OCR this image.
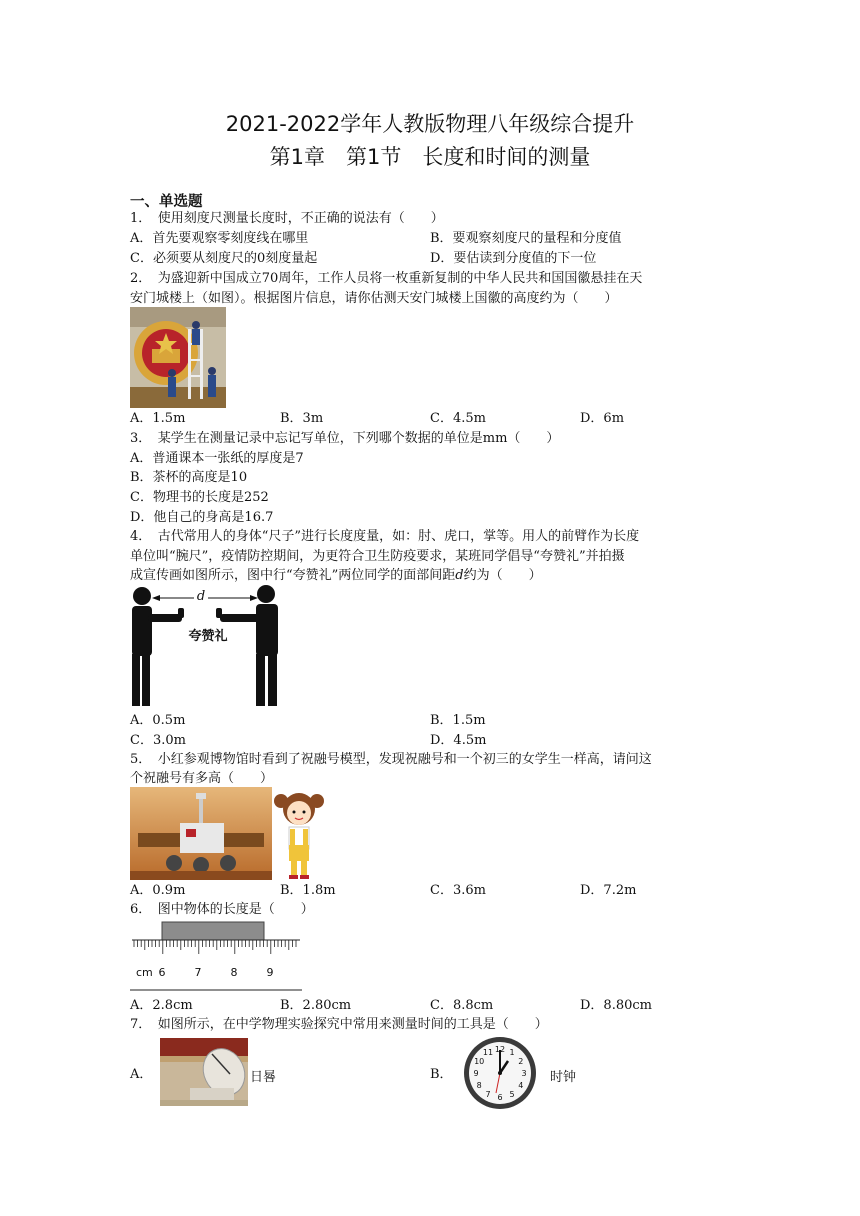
2021-2022学年人教版物理八年级综合提升
第1章　第1节　长度和时间的测量
一、单选题
1．　使用刻度尺测量长度时，不正确的说法有（　　）
A．首先要观察零刻度线在哪里	B．要观察刻度尺的量程和分度值
C．必须要从刻度尺的0刻度量起	D．要估读到分度值的下一位
2．　为盛迎新中国成立70周年，工作人员将一枚重新复制的中华人民共和国国徽悬挂在天
安门城楼上（如图）。根据图片信息，请你估测天安门城楼上国徽的高度约为（　　）
A．1.5m	B．3m	C．4.5m	D．6m
3．　某学生在测量记录中忘记写单位，下列哪个数据的单位是mm（　　）
A．普通课本一张纸的厚度是7
B．茶杯的高度是10
C．物理书的长度是252
D．他自己的身高是16.7
4．　古代常用人的身体“尺子”进行长度度量，如：肘、虎口，掌等。用人的前臂作为长度
单位叫“腕尺”，疫情防控期间，为更符合卫生防疫要求，某班同学倡导“夸赞礼”并拍摄
成宣传画如图所示，图中行“夸赞礼”两位同学的面部间距d约为（　　）
d
夸赞礼
A．0.5m	B．1.5m
C．3.0m	D．4.5m
5．　小红参观博物馆时看到了祝融号模型，发现祝融号和一个初三的女学生一样高，请问这
个祝融号有多高（　　）
A．0.9m	B．1.8m	C．3.6m	D．7.2m
6．　图中物体的长度是（　　）
cm 6	7	8	9
A．2.8cm	B．2.80cm	C．8.8cm	D．8.80cm
7．　如图所示，在中学物理实验探究中常用来测量时间的工具是（　　）
A．	日晷	B．
12 1
2
3
4
5
6
7
8
9
10
11
时钟
